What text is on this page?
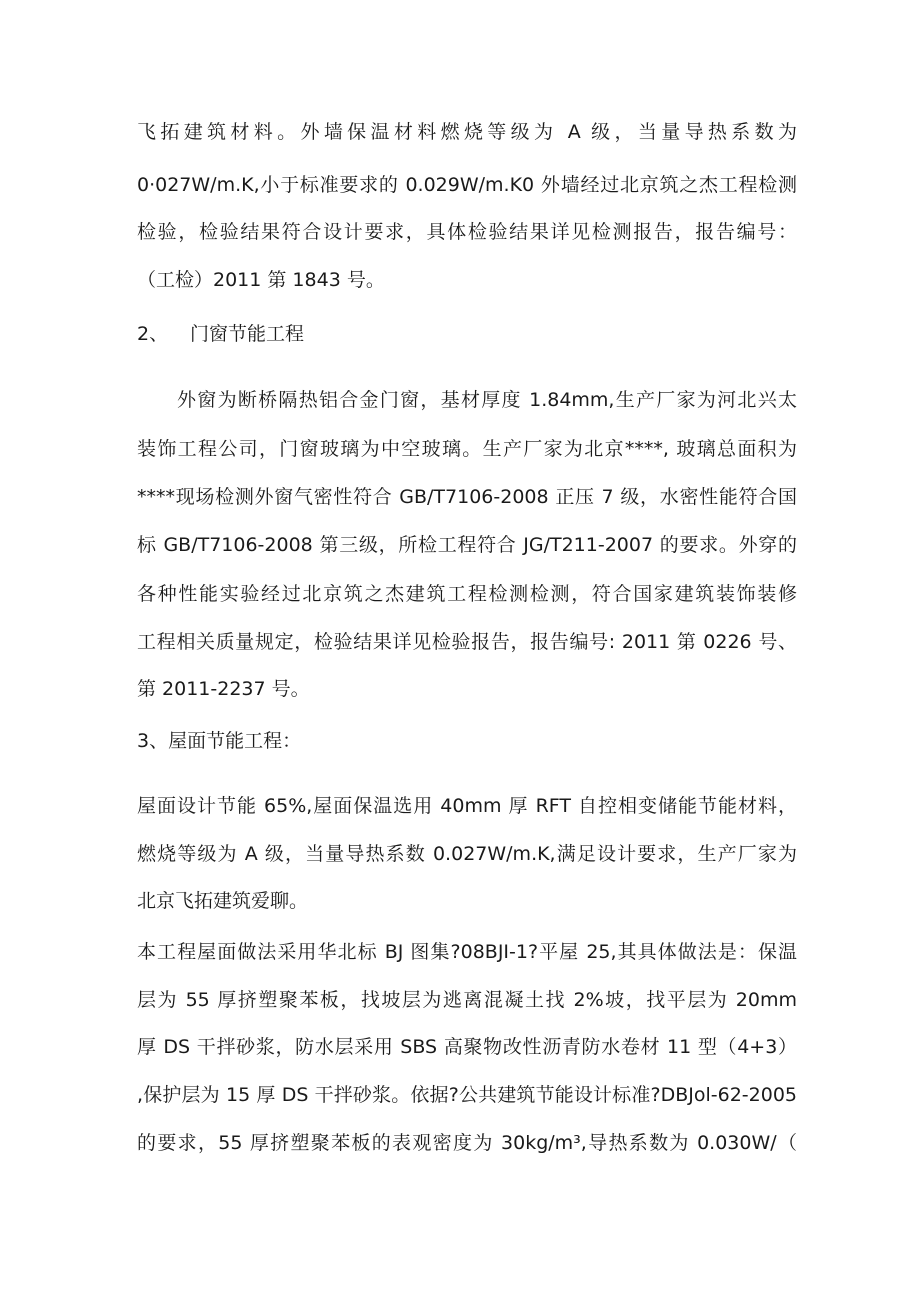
飞拓建筑材料。外墙保温材料燃烧等级为 A 级，当量导热系数为
0·027W∕m.K,小于标准要求的 0.029W∕m.K0 外墙经过北京筑之杰工程检测
检验，检验结果符合设计要求，具体检验结果详见检测报告，报告编号：
（工检）2011 第 1843 号。
2、 门窗节能工程
外窗为断桥隔热铝合金门窗，基材厚度 1.84mm,生产厂家为河北兴太
装饰工程公司，门窗玻璃为中空玻璃。生产厂家为北京****, 玻璃总面积为
****现场检测外窗气密性符合 GB/T7106-2008 正压 7 级，水密性能符合国
标 GB/T7106-2008 第三级，所检工程符合 JG/T211-2007 的要求。外穿的
各种性能实验经过北京筑之杰建筑工程检测检测，符合国家建筑装饰装修
工程相关质量规定，检验结果详见检验报告，报告编号: 2011 第 0226 号、
第 2011-2237 号。
3、屋面节能工程：
屋面设计节能 65%,屋面保温选用 40mm 厚 RFT 自控相变储能节能材料，
燃烧等级为 A 级，当量导热系数 0.027W∕m.K,满足设计要求，生产厂家为
北京飞拓建筑爱聊。
本工程屋面做法采用华北标 BJ 图集?08BJI-1?平屋 25,其具体做法是：保温
层为 55 厚挤塑聚苯板，找坡层为逃离混凝土找 2%坡，找平层为 20mm
厚 DS 干拌砂浆，防水层采用 SBS 高聚物改性沥青防水卷材 11 型（4+3）
,保护层为 15 厚 DS 干拌砂浆。依据?公共建筑节能设计标准?DBJol-62-2005
的要求，55 厚挤塑聚苯板的表观密度为 30kg∕m³,导热系数为 0.030W∕（
